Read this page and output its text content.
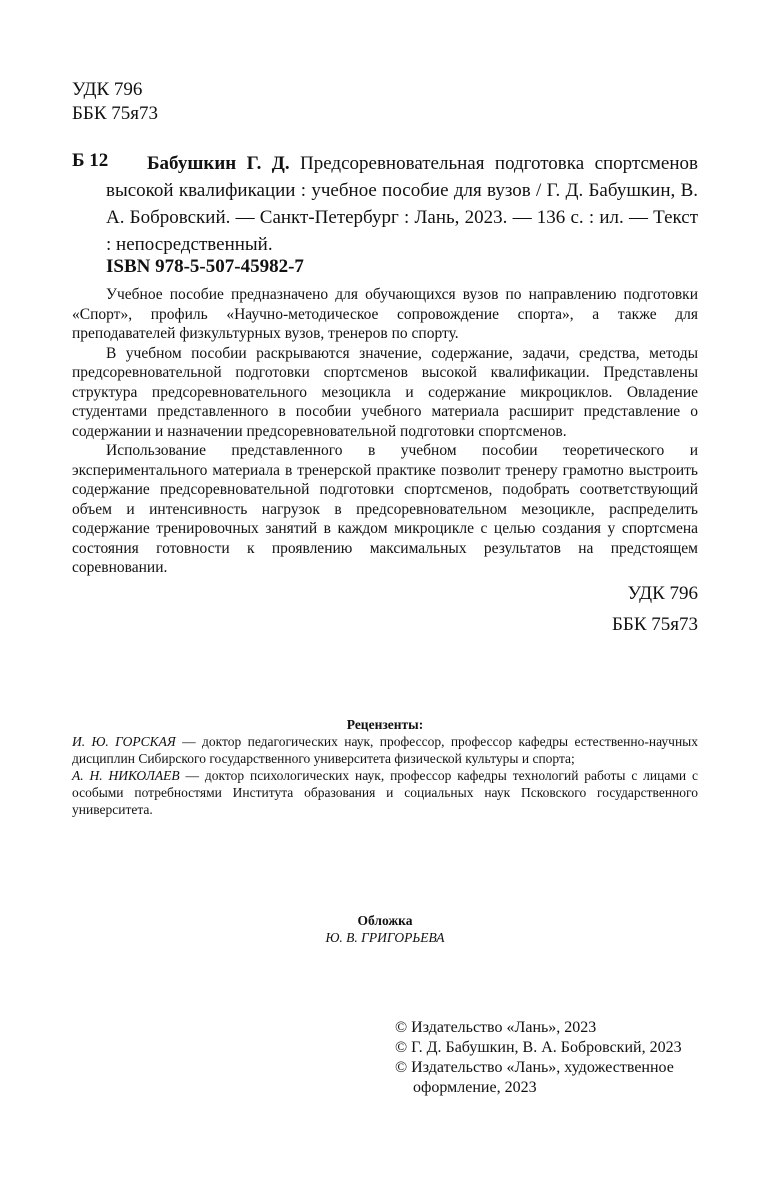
УДК 796
ББК 75я73
Б 12	Бабушкин Г. Д. Предсоревновательная подготовка спортсменов высокой квалификации : учебное пособие для вузов / Г. Д. Бабушкин, В. А. Бобровский. — Санкт-Петербург : Лань, 2023. — 136 с. : ил. — Текст : непосредственный.
ISBN 978-5-507-45982-7

Учебное пособие предназначено для обучающихся вузов по направлению подготовки «Спорт», профиль «Научно-методическое сопровождение спорта», а также для преподавателей физкультурных вузов, тренеров по спорту.

В учебном пособии раскрываются значение, содержание, задачи, средства, методы предсоревновательной подготовки спортсменов высокой квалификации. Представлены структура предсоревновательного мезоцикла и содержание микроциклов. Овладение студентами представленного в пособии учебного материала расширит представление о содержании и назначении предсоревновательной подготовки спортсменов.

Использование представленного в учебном пособии теоретического и экспериментального материала в тренерской практике позволит тренеру грамотно выстроить содержание предсоревновательной подготовки спортсменов, подобрать соответствующий объем и интенсивность нагрузок в предсоревновательном мезоцикле, распределить содержание тренировочных занятий в каждом микроцикле с целью создания у спортсмена состояния готовности к проявлению максимальных результатов на предстоящем соревновании.

УДК 796
ББК 75я73
Рецензенты:

И. Ю. ГОРСКАЯ — доктор педагогических наук, профессор, профессор кафедры естественно-научных дисциплин Сибирского государственного университета физической культуры и спорта;

А. Н. НИКОЛАЕВ — доктор психологических наук, профессор кафедры технологий работы с лицами с особыми потребностями Института образования и социальных наук Псковского государственного университета.

Обложка
Ю. В. ГРИГОРЬЕВА
© Издательство «Лань», 2023
© Г. Д. Бабушкин, В. А. Бобровский, 2023
© Издательство «Лань», художественное оформление, 2023
